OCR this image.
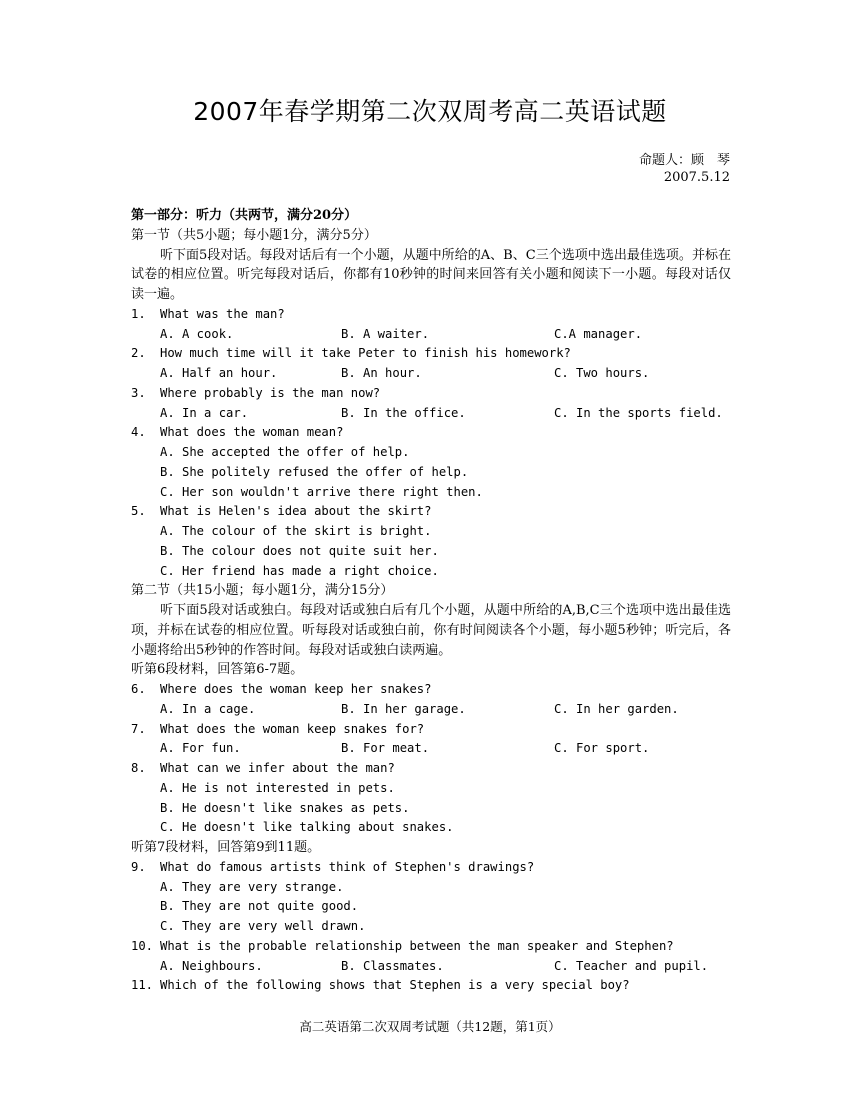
2007年春学期第二次双周考高二英语试题
命题人：顾　琴
2007.5.12
第一部分：听力（共两节，满分20分）
第一节（共5小题；每小题1分，满分5分）
听下面5段对话。每段对话后有一个小题，从题中所给的A、B、C三个选项中选出最佳选项。并标在试卷的相应位置。听完每段对话后，你都有10秒钟的时间来回答有关小题和阅读下一小题。每段对话仅读一遍。
1. What was the man?
A. A cook.	B. A waiter.	C.A manager.
2. How much time will it take Peter to finish his homework?
A. Half an hour.	B. An hour.	C. Two hours.
3. Where probably is the man now?
A. In a car.	B. In the office.	C. In the sports field.
4. What does the woman mean?
A. She accepted the offer of help.
B. She politely refused the offer of help.
C. Her son wouldn't arrive there right then.
5. What is Helen's idea about the skirt?
A. The colour of the skirt is bright.
B. The colour does not quite suit her.
C. Her friend has made a right choice.
第二节（共15小题；每小题1分，满分15分）
听下面5段对话或独白。每段对话或独白后有几个小题，从题中所给的A,B,C三个选项中选出最佳选项，并标在试卷的相应位置。听每段对话或独白前，你有时间阅读各个小题，每小题5秒钟；听完后，各小题将给出5秒钟的作答时间。每段对话或独白读两遍。
听第6段材料，回答第6-7题。
6. Where does the woman keep her snakes?
A. In a cage.	B. In her garage.	C. In her garden.
7. What does the woman keep snakes for?
A. For fun.	B. For meat.	C. For sport.
8. What can we infer about the man?
A. He is not interested in pets.
B. He doesn't like snakes as pets.
C. He doesn't like talking about snakes.
听第7段材料，回答第9到11题。
9. What do famous artists think of Stephen's drawings?
A. They are very strange.
B. They are not quite good.
C. They are very well drawn.
10. What is the probable relationship between the man speaker and Stephen?
A. Neighbours.	B. Classmates.	C. Teacher and pupil.
11. Which of the following shows that Stephen is a very special boy?
高二英语第二次双周考试题（共12题，第1页）
